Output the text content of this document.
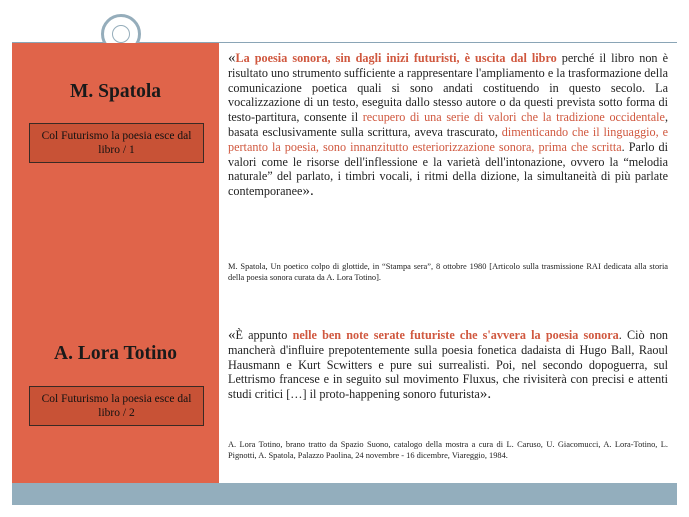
M. Spatola
Col Futurismo la poesia esce dal libro / 1
A. Lora Totino
Col Futurismo la poesia esce dal libro / 2
«La poesia sonora, sin dagli inizi futuristi, è uscita dal libro perché il libro non è risultato uno strumento sufficiente a rappresentare l'ampliamento e la trasformazione della comunicazione poetica quali si sono andati costituendo in questo secolo. La vocalizzazione di un testo, eseguita dallo stesso autore o da questi prevista sotto forma di testo-partitura, consente il recupero di una serie di valori che la tradizione occidentale, basata esclusivamente sulla scrittura, aveva trascurato, dimenticando che il linguaggio, e pertanto la poesia, sono innanzitutto esteriorizzazione sonora, prima che scritta. Parlo di valori come le risorse dell'inflessione e la varietà dell'intonazione, ovvero la “melodia naturale” del parlato, i timbri vocali, i ritmi della dizione, la simultaneità di più parlate contemporanee».
M. Spatola, Un poetico colpo di glottide, in “Stampa sera”, 8 ottobre 1980 [Articolo sulla trasmissione RAI dedicata alla storia della poesia sonora curata da A. Lora Totino].
«È appunto nelle ben note serate futuriste che s'avvera la poesia sonora. Ciò non mancherà d'influire prepotentemente sulla poesia fonetica dadaista di Hugo Ball, Raoul Hausmann e Kurt Scwitters e pure sui surrealisti. Poi, nel secondo dopoguerra, sul Lettrismo francese e in seguito sul movimento Fluxus, che rivisiterà con precisi e attenti studi critici […] il proto-happening sonoro futurista».
A. Lora Totino, brano tratto da Spazio Suono, catalogo della mostra a cura di L. Caruso, U. Giacomucci, A. Lora-Totino, L. Pignotti, A. Spatola, Palazzo Paolina, 24 novembre - 16 dicembre, Viareggio, 1984.
